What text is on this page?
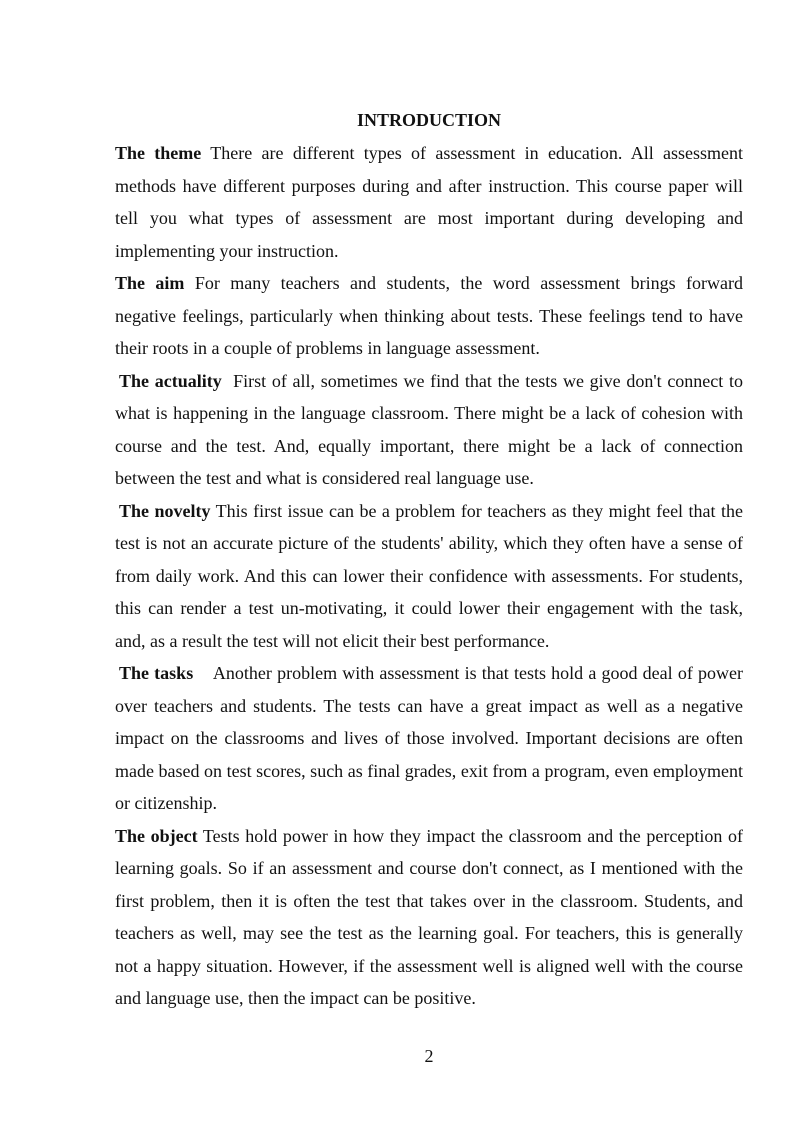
INTRODUCTION

The theme There are different types of assessment in education. All assessment methods have different purposes during and after instruction. This course paper will tell you what types of assessment are most important during developing and implementing your instruction.

The aim For many teachers and students, the word assessment brings forward negative feelings, particularly when thinking about tests. These feelings tend to have their roots in a couple of problems in language assessment.

The actuality  First of all, sometimes we find that the tests we give don't connect to what is happening in the language classroom. There might be a lack of cohesion with course and the test. And, equally important, there might be a lack of connection between the test and what is considered real language use.

The novelty This first issue can be a problem for teachers as they might feel that the test is not an accurate picture of the students' ability, which they often have a sense of from daily work. And this can lower their confidence with assessments. For students, this can render a test un-motivating, it could lower their engagement with the task, and, as a result the test will not elicit their best performance.

The tasks    Another problem with assessment is that tests hold a good deal of power over teachers and students. The tests can have a great impact as well as a negative impact on the classrooms and lives of those involved. Important decisions are often made based on test scores, such as final grades, exit from a program, even employment or citizenship.

The object Tests hold power in how they impact the classroom and the perception of learning goals. So if an assessment and course don't connect, as I mentioned with the first problem, then it is often the test that takes over in the classroom. Students, and teachers as well, may see the test as the learning goal. For teachers, this is generally not a happy situation. However, if the assessment well is aligned well with the course and language use, then the impact can be positive.

2
